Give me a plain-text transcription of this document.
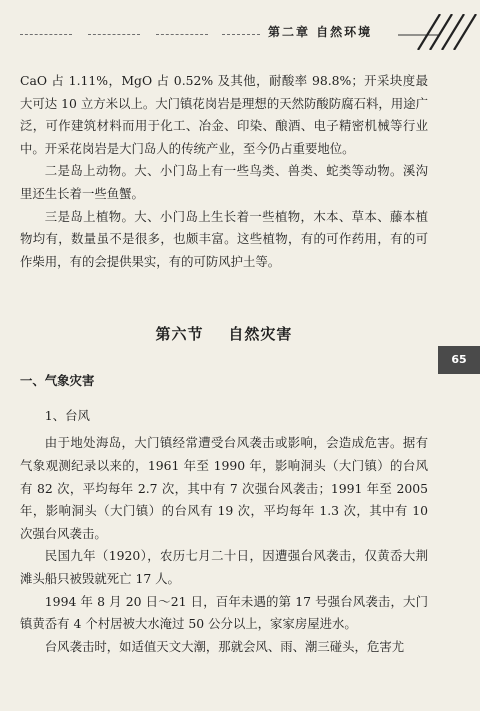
第二章 自然环境
65

CaO 占 1.11%，MgO 占 0.52% 及其他，耐酸率 98.8%；开采块度最大可达 10 立方米以上。大门镇花岗岩是理想的天然防酸防腐石料，用途广泛，可作建筑材料而用于化工、冶金、印染、酿酒、电子精密机械等行业中。开采花岗岩是大门岛人的传统产业，至今仍占重要地位。

二是岛上动物。大、小门岛上有一些鸟类、兽类、蛇类等动物。溪沟里还生长着一些鱼蟹。

三是岛上植物。大、小门岛上生长着一些植物，木本、草本、藤本植物均有，数量虽不是很多，也颇丰富。这些植物，有的可作药用，有的可作柴用，有的会提供果实，有的可防风护土等。

第六节    自然灾害
一、气象灾害
1、台风

由于地处海岛，大门镇经常遭受台风袭击或影响，会造成危害。据有气象观测纪录以来的，1961 年至 1990 年，影响洞头（大门镇）的台风有 82 次，平均每年 2.7 次，其中有 7 次强台风袭击；1991 年至 2005 年，影响洞头（大门镇）的台风有 19 次，平均每年 1.3 次，其中有 10 次强台风袭击。

民国九年（1920），农历七月二十日，因遭强台风袭击，仅黄岙大荆滩头船只被毁就死亡 17 人。

1994 年 8 月 20 日～21 日，百年未遇的第 17 号强台风袭击，大门镇黄岙有 4 个村居被大水淹过 50 公分以上，家家房屋进水。

台风袭击时，如适值天文大潮，那就会风、雨、潮三碰头，危害尤
